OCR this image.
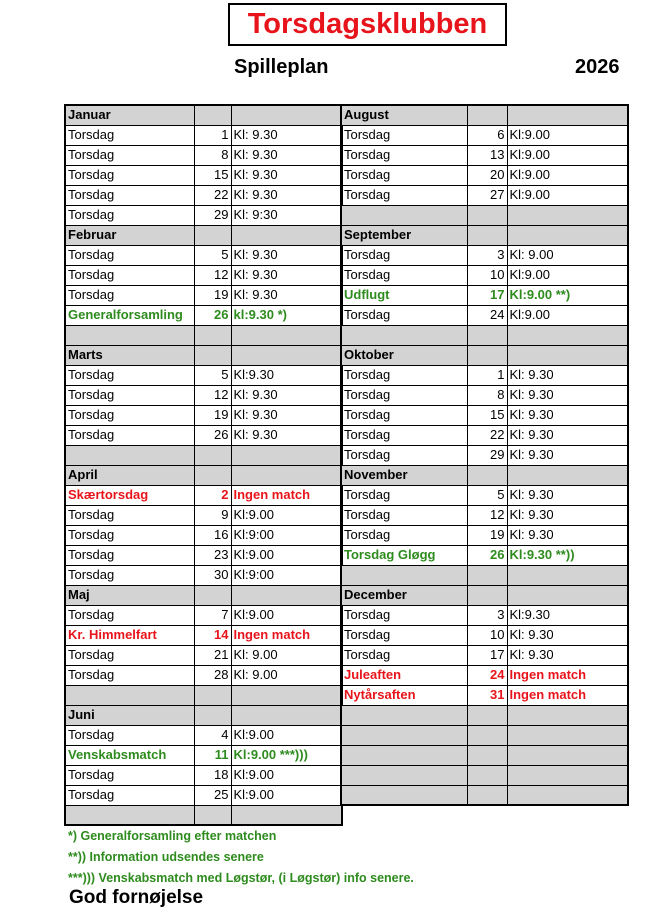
Torsdagsklubben
Spilleplan	2026
Januar		
Torsdag	1	Kl: 9.30
Torsdag	8	Kl: 9.30
Torsdag	15	Kl: 9.30
Torsdag	22	Kl: 9.30
Torsdag	29	Kl: 9:30
Februar		
Torsdag	5	Kl: 9.30
Torsdag	12	Kl: 9.30
Torsdag	19	Kl: 9.30
Generalforsamling	26	kl:9.30 *)

Marts		
Torsdag	5	Kl:9.30
Torsdag	12	Kl: 9.30
Torsdag	19	Kl: 9.30
Torsdag	26	Kl: 9.30

April		
Skærtorsdag	2	Ingen match
Torsdag	9	Kl:9.00
Torsdag	16	Kl:9:00
Torsdag	23	Kl:9.00
Torsdag	30	Kl:9:00
Maj		
Torsdag	7	Kl:9.00
Kr. Himmelfart	14	Ingen match
Torsdag	21	Kl: 9.00
Torsdag	28	Kl: 9.00

Juni		
Torsdag	4	Kl:9.00
Venskabsmatch	11	Kl:9.00 ***)))
Torsdag	18	Kl:9.00
Torsdag	25	Kl:9.00

August		
Torsdag	6	Kl:9.00
Torsdag	13	Kl:9.00
Torsdag	20	Kl:9.00
Torsdag	27	Kl:9.00

September		
Torsdag	3	Kl: 9.00
Torsdag	10	Kl:9.00
Udflugt	17	Kl:9.00 **)
Torsdag	24	Kl:9.00

Oktober		
Torsdag	1	Kl: 9.30
Torsdag	8	Kl: 9.30
Torsdag	15	Kl: 9.30
Torsdag	22	Kl: 9.30
Torsdag	29	Kl: 9.30
November		
Torsdag	5	Kl: 9.30
Torsdag	12	Kl: 9.30
Torsdag	19	Kl: 9.30
Torsdag Gløgg	26	Kl:9.30 **))

December		
Torsdag	3	Kl:9.30
Torsdag	10	Kl: 9.30
Torsdag	17	Kl: 9.30
Juleaften	24	Ingen match
Nytårsaften	31	Ingen match

*) Generalforsamling efter matchen
**)) Information udsendes senere
***))) Venskabsmatch med Løgstør, (i Løgstør) info senere.
God fornøjelse
